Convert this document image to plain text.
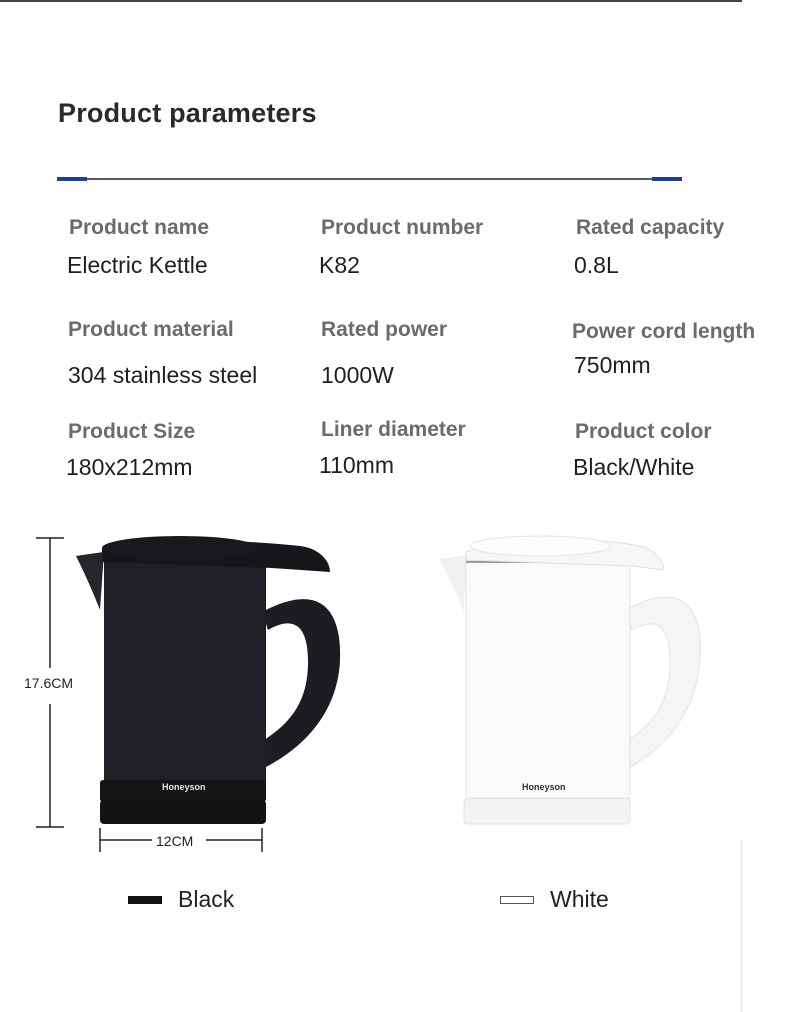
Product parameters
Product name
Electric Kettle
Product number
K82
Rated capacity
0.8L
Product material
304 stainless steel
Rated power
1000W
Power cord length
750mm
Product Size
180x212mm
Liner diameter
110mm
Product color
Black/White
17.6CM
12CM
Honeyson	Honeyson
Black	White
